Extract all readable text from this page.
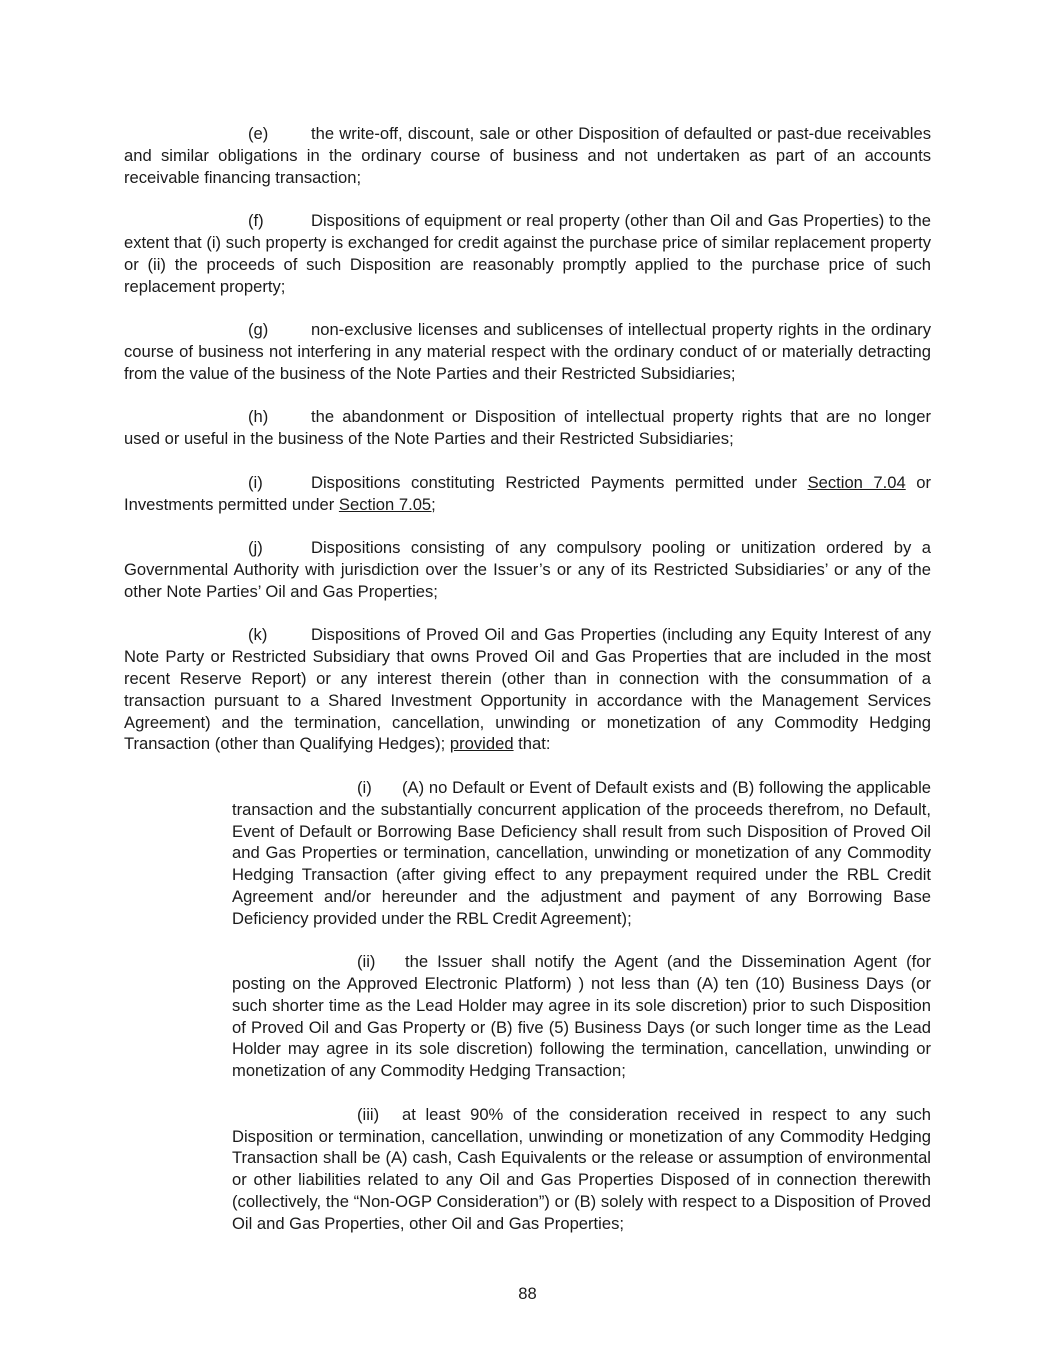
(e)	the write-off, discount, sale or other Disposition of defaulted or past-due receivables and similar obligations in the ordinary course of business and not undertaken as part of an accounts receivable financing transaction;

(f)	Dispositions of equipment or real property (other than Oil and Gas Properties) to the extent that (i) such property is exchanged for credit against the purchase price of similar replacement property or (ii) the proceeds of such Disposition are reasonably promptly applied to the purchase price of such replacement property;

(g)	non-exclusive licenses and sublicenses of intellectual property rights in the ordinary course of business not interfering in any material respect with the ordinary conduct of or materially detracting from the value of the business of the Note Parties and their Restricted Subsidiaries;

(h)	the abandonment or Disposition of intellectual property rights that are no longer used or useful in the business of the Note Parties and their Restricted Subsidiaries;

(i)	Dispositions constituting Restricted Payments permitted under Section 7.04 or Investments permitted under Section 7.05;

(j)	Dispositions consisting of any compulsory pooling or unitization ordered by a Governmental Authority with jurisdiction over the Issuer’s or any of its Restricted Subsidiaries’ or any of the other Note Parties’ Oil and Gas Properties;

(k)	Dispositions of Proved Oil and Gas Properties (including any Equity Interest of any Note Party or Restricted Subsidiary that owns Proved Oil and Gas Properties that are included in the most recent Reserve Report) or any interest therein (other than in connection with the consummation of a transaction pursuant to a Shared Investment Opportunity in accordance with the Management Services Agreement) and the termination, cancellation, unwinding or monetization of any Commodity Hedging Transaction (other than Qualifying Hedges); provided that:

(i) (A) no Default or Event of Default exists and (B) following the applicable transaction and the substantially concurrent application of the proceeds therefrom, no Default, Event of Default or Borrowing Base Deficiency shall result from such Disposition of Proved Oil and Gas Properties or termination, cancellation, unwinding or monetization of any Commodity Hedging Transaction (after giving effect to any prepayment required under the RBL Credit Agreement and/or hereunder and the adjustment and payment of any Borrowing Base Deficiency provided under the RBL Credit Agreement);

(ii) the Issuer shall notify the Agent (and the Dissemination Agent (for posting on the Approved Electronic Platform) ) not less than (A) ten (10) Business Days (or such shorter time as the Lead Holder may agree in its sole discretion) prior to such Disposition of Proved Oil and Gas Property or (B) five (5) Business Days (or such longer time as the Lead Holder may agree in its sole discretion) following the termination, cancellation, unwinding or monetization of any Commodity Hedging Transaction;

(iii) at least 90% of the consideration received in respect to any such Disposition or termination, cancellation, unwinding or monetization of any Commodity Hedging Transaction shall be (A) cash, Cash Equivalents or the release or assumption of environmental or other liabilities related to any Oil and Gas Properties Disposed of in connection therewith (collectively, the “Non-OGP Consideration”) or (B) solely with respect to a Disposition of Proved Oil and Gas Properties, other Oil and Gas Properties;

88
